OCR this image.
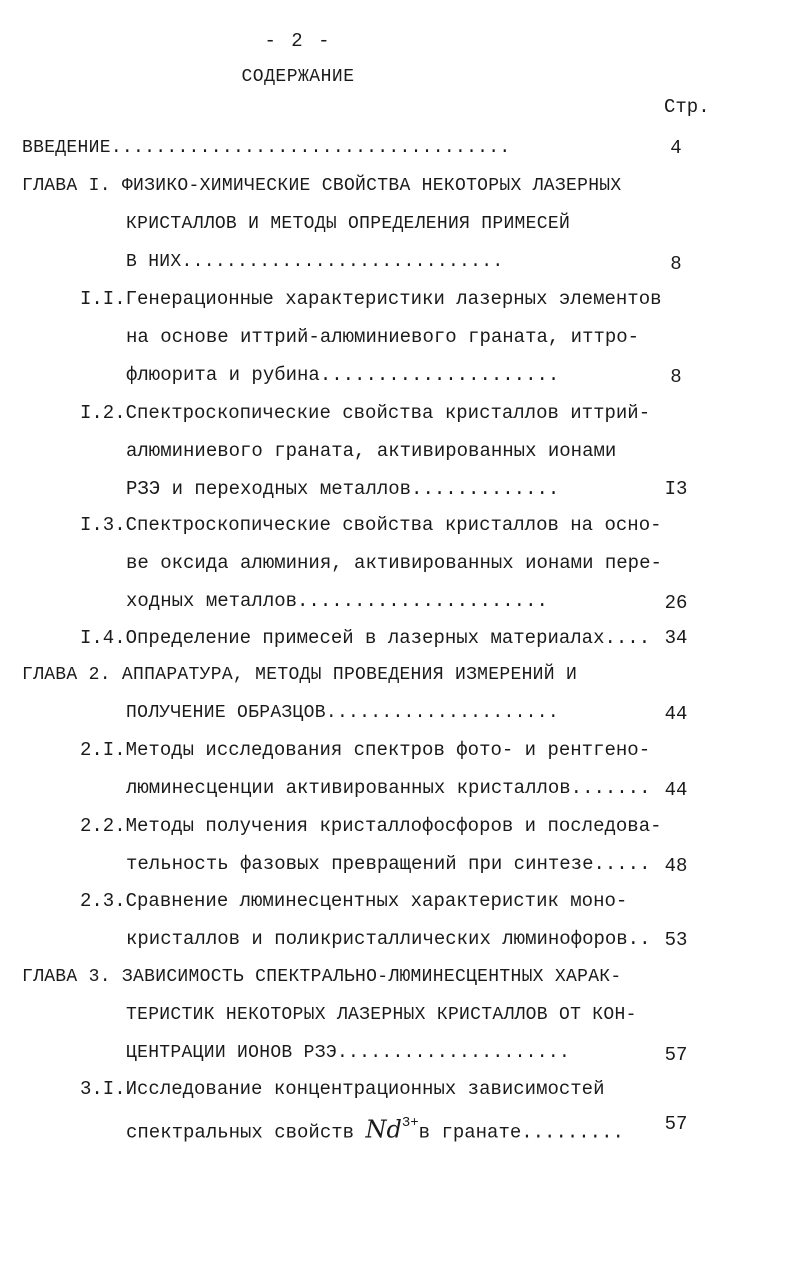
- 2 -
СОДЕРЖАНИЕ
Стр.
ВВЕДЕНИЕ....................................	4
ГЛАВА I. ФИЗИКО-ХИМИЧЕСКИЕ СВОЙСТВА НЕКОТОРЫХ ЛАЗЕРНЫХ
КРИСТАЛЛОВ И МЕТОДЫ ОПРЕДЕЛЕНИЯ ПРИМЕСЕЙ
В НИХ.............................	8
I.I.Генерационные характеристики лазерных элементов
на основе иттрий-алюминиевого граната, иттро-
флюорита и рубина.....................	8
I.2.Спектроскопические свойства кристаллов иттрий-
алюминиевого граната, активированных ионами
РЗЭ и переходных металлов.............	I3
I.3.Спектроскопические свойства кристаллов на осно-
ве оксида алюминия, активированных ионами пере-
ходных металлов......................	26
I.4.Определение примесей в лазерных материалах.... 34
ГЛАВА 2. АППАРАТУРА, МЕТОДЫ ПРОВЕДЕНИЯ ИЗМЕРЕНИЙ И
ПОЛУЧЕНИЕ ОБРАЗЦОВ.....................	44
2.I.Методы исследования спектров фото- и рентгено-
люминесценции активированных кристаллов....... 44
2.2.Методы получения кристаллофосфоров и последова-
тельность фазовых превращений при синтезе..... 48
2.3.Сравнение люминесцентных характеристик моно-
кристаллов и поликристаллических люминофоров.. 53
ГЛАВА 3. ЗАВИСИМОСТЬ СПЕКТРАЛЬНО-ЛЮМИНЕСЦЕНТНЫХ ХАРАК-
ТЕРИСТИК НЕКОТОРЫХ ЛАЗЕРНЫХ КРИСТАЛЛОВ ОТ КОН-
ЦЕНТРАЦИИ ИОНОВ РЗЭ.....................	57
3.I.Исследование концентрационных зависимостей
спектральных свойств $Nd^{3+}в$ гранате.........	57
